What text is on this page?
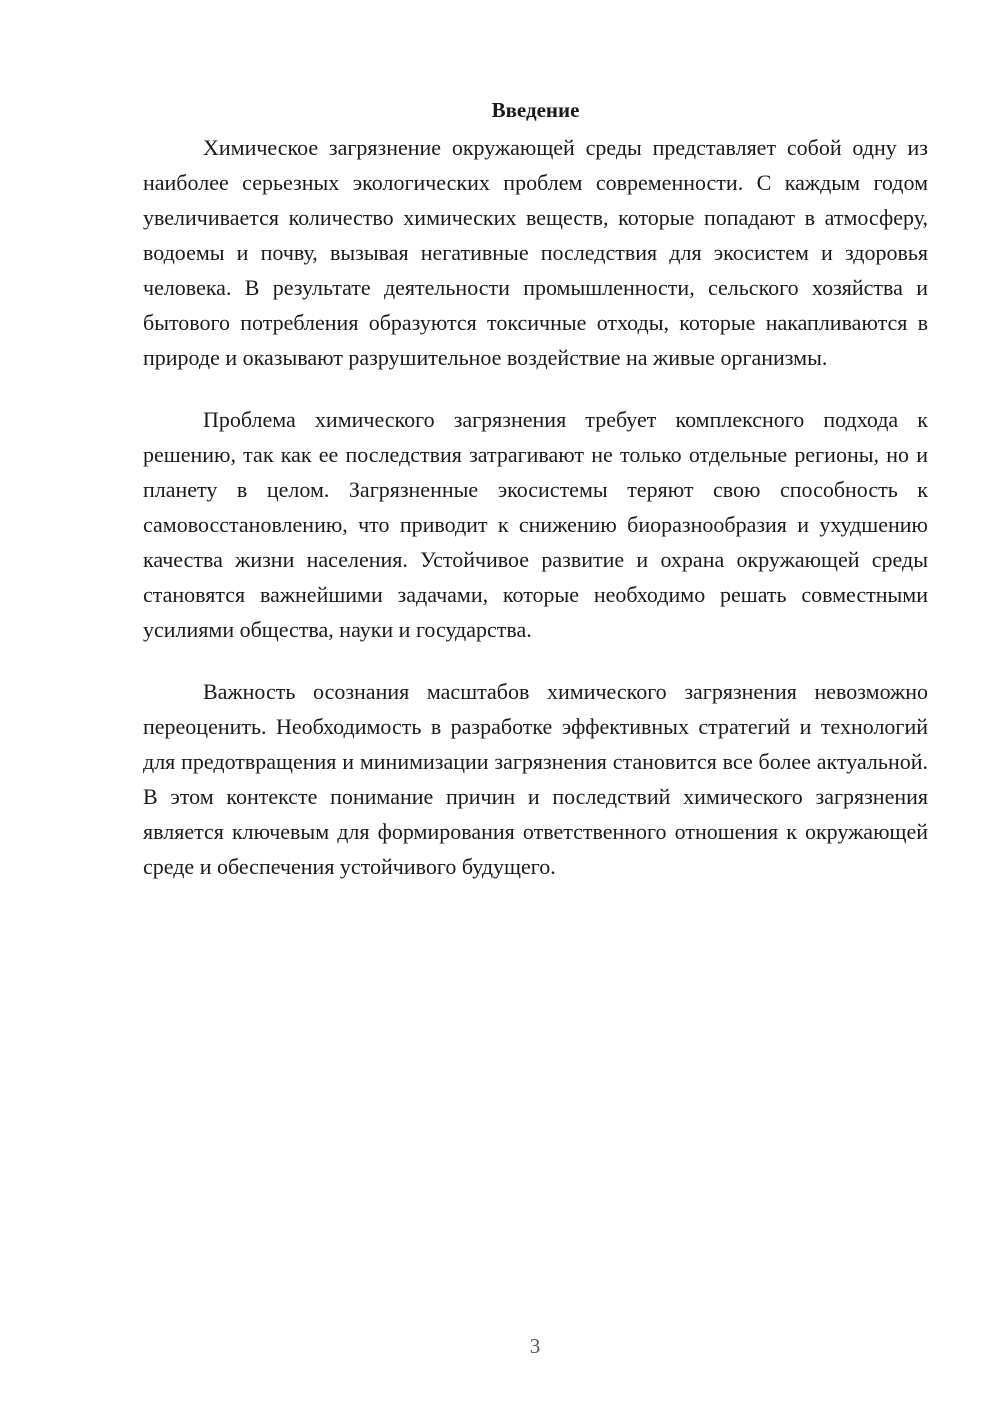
Введение

Химическое загрязнение окружающей среды представляет собой одну из наиболее серьезных экологических проблем современности. С каждым годом увеличивается количество химических веществ, которые попадают в атмосферу, водоемы и почву, вызывая негативные последствия для экосистем и здоровья человека. В результате деятельности промышленности, сельского хозяйства и бытового потребления образуются токсичные отходы, которые накапливаются в природе и оказывают разрушительное воздействие на живые организмы.

Проблема химического загрязнения требует комплексного подхода к решению, так как ее последствия затрагивают не только отдельные регионы, но и планету в целом. Загрязненные экосистемы теряют свою способность к самовосстановлению, что приводит к снижению биоразнообразия и ухудшению качества жизни населения. Устойчивое развитие и охрана окружающей среды становятся важнейшими задачами, которые необходимо решать совместными усилиями общества, науки и государства.

Важность осознания масштабов химического загрязнения невозможно переоценить. Необходимость в разработке эффективных стратегий и технологий для предотвращения и минимизации загрязнения становится все более актуальной. В этом контексте понимание причин и последствий химического загрязнения является ключевым для формирования ответственного отношения к окружающей среде и обеспечения устойчивого будущего.

3
